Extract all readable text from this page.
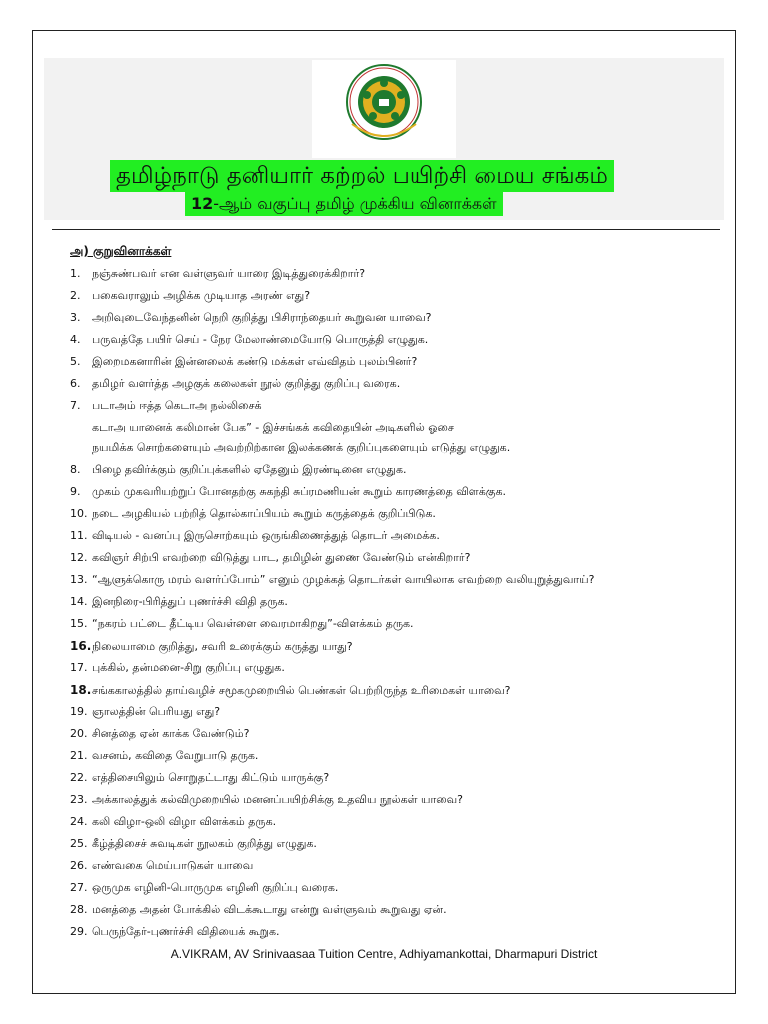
தமிழ்நாடு தனியார் கற்றல் பயிற்சி மைய சங்கம்
12-ஆம் வகுப்பு தமிழ் முக்கிய வினாக்கள்
அ) குறுவினாக்கள்
1. நஞ்சுண்பவர் என வள்ளுவர் யாரை இடித்துரைக்கிறார்?
2. பகைவராலும் அழிக்க முடியாத அரண் எது?
3. அறிவுடைவேந்தனின் நெறி குறித்து பிசிராந்தையர் கூறுவன யாவை?
4. பருவத்தே பயிர் செய் - நேர மேலாண்மையோடு பொருத்தி எழுதுக.
5. இறைமகனாரின் இன்னலைக் கண்டு மக்கள் எவ்விதம் புலம்பினர்?
6. தமிழர் வளர்த்த அழகுக் கலைகள் நூல் குறித்து குறிப்பு வரைக.
7. படாஅம் ஈத்த கெடாஅ நல்லிசைக்
கடாஅ யானைக் கலிமான் பேக” - இச்சங்கக் கவிதையின் அடிகளில் ஓசை
நயமிக்க சொற்களையும் அவற்றிற்கான இலக்கணக் குறிப்புகளையும் எடுத்து எழுதுக.
8. பிழை தவிர்க்கும் குறிப்புக்களில் ஏதேனும் இரண்டினை எழுதுக.
9. முகம் முகவரியற்றுப் போனதற்கு சுகந்தி சுப்ரமணியன் கூறும் காரணத்தை விளக்குக.
10. நடை அழகியல் பற்றித் தொல்காப்பியம் கூறும் கருத்தைக் குறிப்பிடுக.
11. விடியல் - வனப்பு இருசொற்கயும் ஒருங்கிணைத்துத் தொடர் அமைக்க.
12. கவிஞர் சிற்பி எவற்றை விடுத்து பாட, தமிழின் துணை வேண்டும் என்கிறார்?
13. “ஆளுக்கொரு மரம் வளர்ப்போம்” எனும் முழக்கத் தொடர்கள் வாயிலாக எவற்றை வலியுறுத்துவாய்?
14. இனநிரை-பிரித்துப் புணர்ச்சி விதி தருக.
15. “நகரம் பட்டை தீட்டிய வெள்ளை வைரமாகிறது”-விளக்கம் தருக.
16.நிலையாமை குறித்து, சவரி உரைக்கும் கருத்து யாது?
17. புக்கில், தன்மனை-சிறு குறிப்பு எழுதுக.
18.சங்ககாலத்தில் தாய்வழிச் சமூகமுறையில் பெண்கள் பெற்றிருந்த உரிமைகள் யாவை?
19. ஞாலத்தின் பெரியது எது?
20. சினத்தை ஏன் காக்க வேண்டும்?
21. வசனம், கவிதை வேறுபாடு தருக.
22. எத்திசையிலும் சொறுதட்டாது கிட்டும் யாருக்கு?
23. அக்காலத்துக் கல்விமுறையில் மனனப்பயிற்சிக்கு உதவிய நூல்கள் யாவை?
24. கலி விழா-ஒலி விழா விளக்கம் தருக.
25. கீழ்த்திசைச் சுவடிகள் நூலகம் குறித்து எழுதுக.
26. எண்வகை மெய்பாடுகள் யாவை
27. ஒருமுக எழினி-பொருமுக எழினி குறிப்பு வரைக.
28. மனத்தை அதன் போக்கில் விடக்கூடாது என்று வள்ளுவம் கூறுவது ஏன்.
29. பெருந்தேர்-புணர்ச்சி விதியைக் கூறுக.
A.VIKRAM, AV Srinivaasaa Tuition Centre, Adhiyamankottai, Dharmapuri District
